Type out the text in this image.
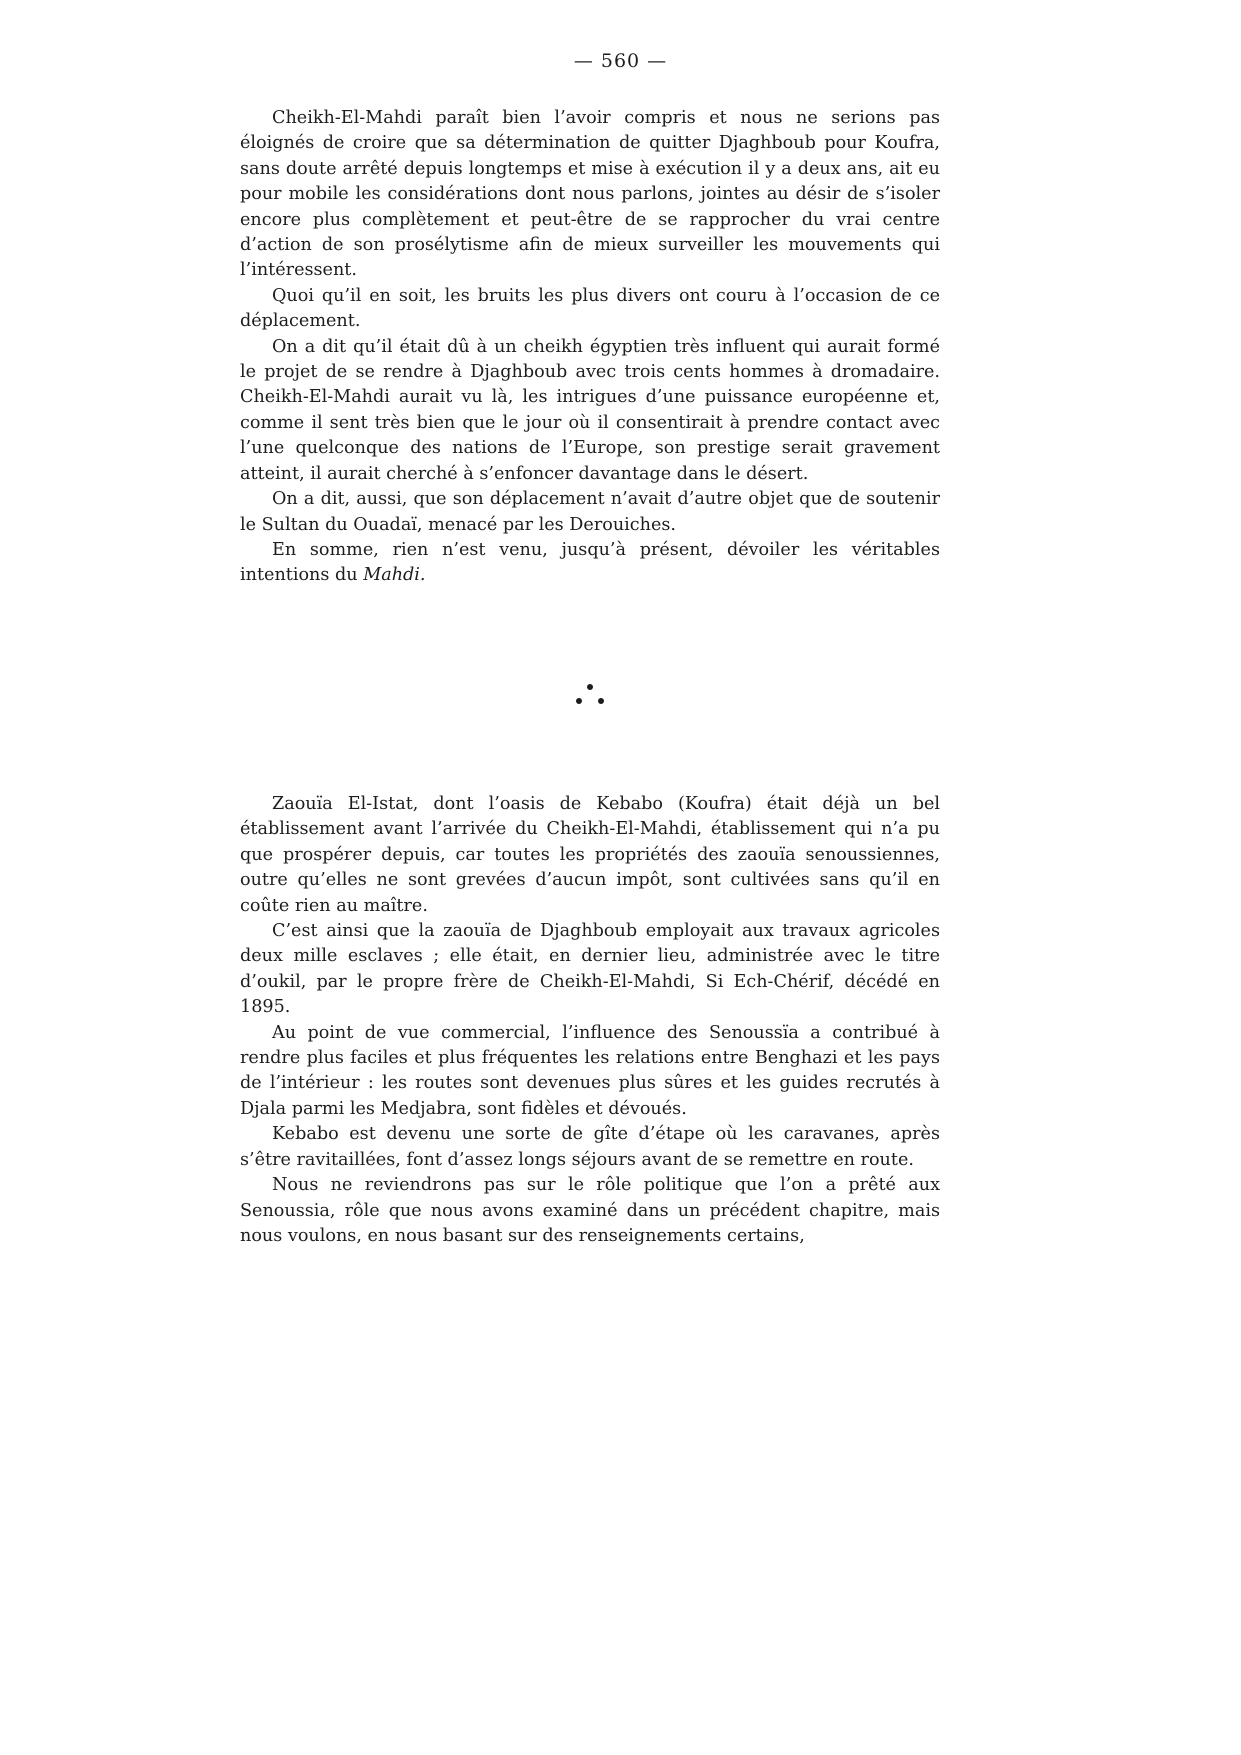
— 560 —

Cheikh-El-Mahdi paraît bien l’avoir compris et nous ne serions pas éloignés de croire que sa détermination de quitter Djaghboub pour Koufra, sans doute arrêté depuis longtemps et mise à exécution il y a deux ans, ait eu pour mobile les considérations dont nous parlons, jointes au désir de s’isoler encore plus complètement et peut-être de se rapprocher du vrai centre d’action de son prosélytisme afin de mieux surveiller les mouvements qui l’intéressent.

Quoi qu’il en soit, les bruits les plus divers ont couru à l’occasion de ce déplacement.

On a dit qu’il était dû à un cheikh égyptien très influent qui aurait formé le projet de se rendre à Djaghboub avec trois cents hommes à dromadaire. Cheikh-El-Mahdi aurait vu là, les intrigues d’une puissance européenne et, comme il sent très bien que le jour où il consentirait à prendre contact avec l’une quelconque des nations de l’Europe, son prestige serait gravement atteint, il aurait cherché à s’enfoncer davantage dans le désert.

On a dit, aussi, que son déplacement n’avait d’autre objet que de soutenir le Sultan du Ouadaï, menacé par les Derouiches.

En somme, rien n’est venu, jusqu’à présent, dévoiler les véritables intentions du Mahdi.

Zaouïa El-Istat, dont l’oasis de Kebabo (Koufra) était déjà un bel établissement avant l’arrivée du Cheikh-El-Mahdi, établissement qui n’a pu que prospérer depuis, car toutes les propriétés des zaouïa senoussiennes, outre qu’elles ne sont grevées d’aucun impôt, sont cultivées sans qu’il en coûte rien au maître.

C’est ainsi que la zaouïa de Djaghboub employait aux travaux agricoles deux mille esclaves ; elle était, en dernier lieu, administrée avec le titre d’oukil, par le propre frère de Cheikh-El-Mahdi, Si Ech-Chérif, décédé en 1895.

Au point de vue commercial, l’influence des Senoussïa a contribué à rendre plus faciles et plus fréquentes les relations entre Benghazi et les pays de l’intérieur : les routes sont devenues plus sûres et les guides recrutés à Djala parmi les Medjabra, sont fidèles et dévoués.

Kebabo est devenu une sorte de gîte d’étape où les caravanes, après s’être ravitaillées, font d’assez longs séjours avant de se remettre en route.

Nous ne reviendrons pas sur le rôle politique que l’on a prêté aux Senoussia, rôle que nous avons examiné dans un précédent chapitre, mais nous voulons, en nous basant sur des renseignements certains,
